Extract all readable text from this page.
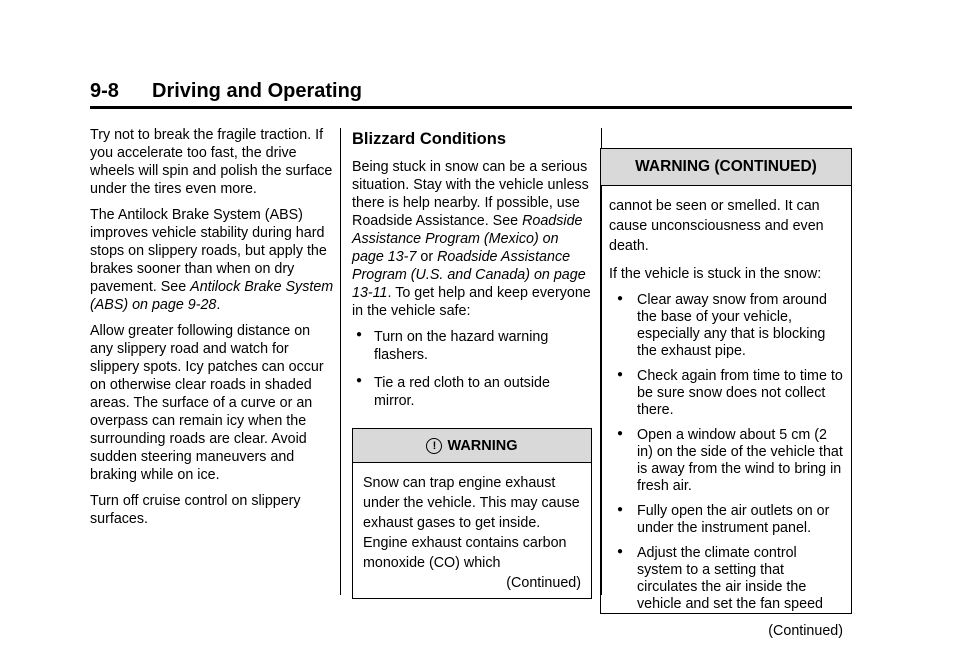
9-8 Driving and Operating

Try not to break the fragile traction. If you accelerate too fast, the drive wheels will spin and polish the surface under the tires even more.

The Antilock Brake System (ABS) improves vehicle stability during hard stops on slippery roads, but apply the brakes sooner than when on dry pavement. See Antilock Brake System (ABS) on page 9-28.

Allow greater following distance on any slippery road and watch for slippery spots. Icy patches can occur on otherwise clear roads in shaded areas. The surface of a curve or an overpass can remain icy when the surrounding roads are clear. Avoid sudden steering maneuvers and braking while on ice.

Turn off cruise control on slippery surfaces.

Blizzard Conditions

Being stuck in snow can be a serious situation. Stay with the vehicle unless there is help nearby. If possible, use Roadside Assistance. See Roadside Assistance Program (Mexico) on page 13-7 or Roadside Assistance Program (U.S. and Canada) on page 13-11. To get help and keep everyone in the vehicle safe:

● Turn on the hazard warning flashers.
● Tie a red cloth to an outside mirror.
! WARNING
Snow can trap engine exhaust under the vehicle. This may cause exhaust gases to get inside. Engine exhaust contains carbon monoxide (CO) which
(Continued)
WARNING (CONTINUED)

cannot be seen or smelled. It can cause unconsciousness and even death.

If the vehicle is stuck in the snow:

● Clear away snow from around the base of your vehicle, especially any that is blocking the exhaust pipe.
● Check again from time to time to be sure snow does not collect there.
● Open a window about 5 cm (2 in) on the side of the vehicle that is away from the wind to bring in fresh air.
● Fully open the air outlets on or under the instrument panel.
● Adjust the climate control system to a setting that circulates the air inside the vehicle and set the fan speed
(Continued)
